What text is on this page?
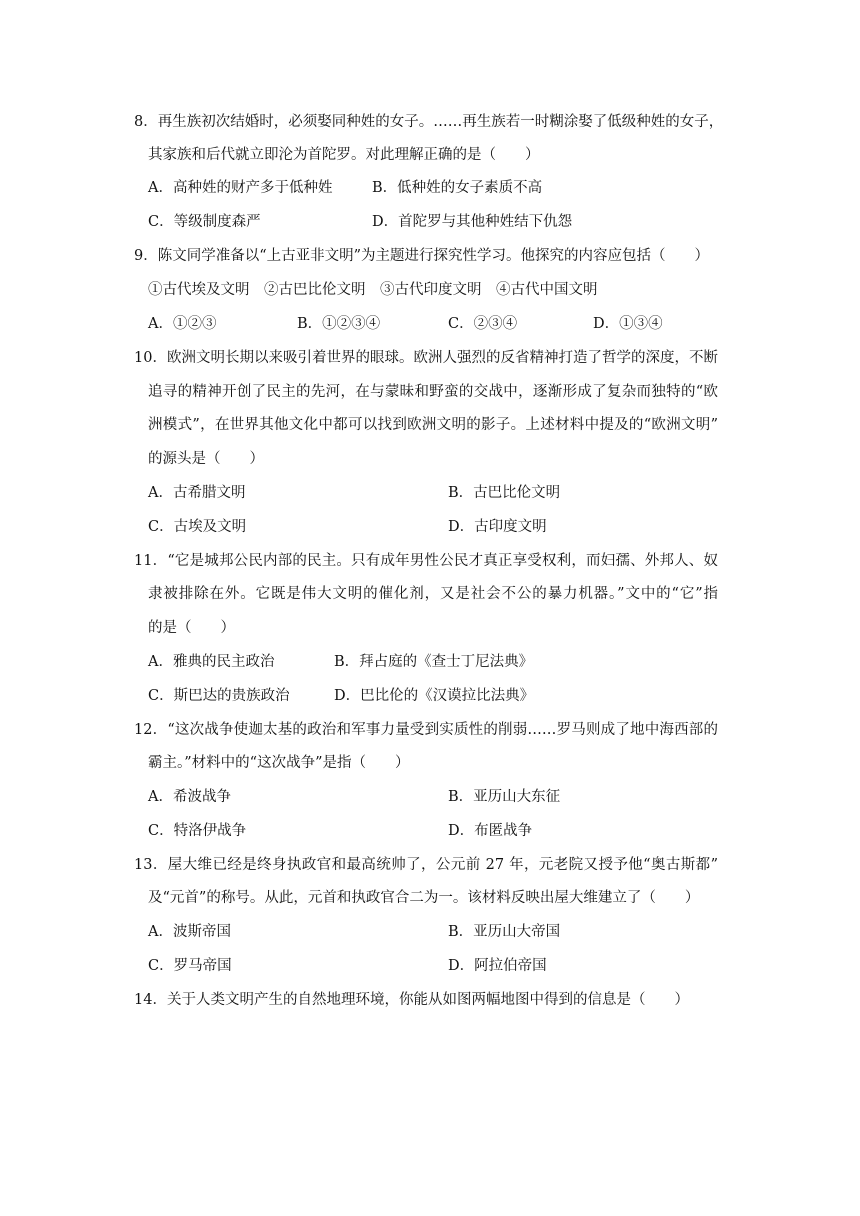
8．再生族初次结婚时，必须娶同种姓的女子。……再生族若一时糊涂娶了低级种姓的女子，
其家族和后代就立即沦为首陀罗。对此理解正确的是（　　）
A．高种姓的财产多于低种姓	B．低种姓的女子素质不高
C．等级制度森严	D．首陀罗与其他种姓结下仇怨
9．陈文同学准备以“上古亚非文明”为主题进行探究性学习。他探究的内容应包括（　　）
①古代埃及文明　②古巴比伦文明　③古代印度文明　④古代中国文明
A．①②③	B．①②③④	C．②③④	D．①③④
10．欧洲文明长期以来吸引着世界的眼球。欧洲人强烈的反省精神打造了哲学的深度，不断
追寻的精神开创了民主的先河，在与蒙昧和野蛮的交战中，逐渐形成了复杂而独特的“欧
洲模式”，在世界其他文化中都可以找到欧洲文明的影子。上述材料中提及的“欧洲文明”
的源头是（　　）
A．古希腊文明	B．古巴比伦文明
C．古埃及文明	D．古印度文明
11．“它是城邦公民内部的民主。只有成年男性公民才真正享受权利，而妇孺、外邦人、奴
隶被排除在外。它既是伟大文明的催化剂，又是社会不公的暴力机器。”文中的“它”指
的是（　　）
A．雅典的民主政治	B．拜占庭的《查士丁尼法典》
C．斯巴达的贵族政治	D．巴比伦的《汉谟拉比法典》
12．“这次战争使迦太基的政治和军事力量受到实质性的削弱……罗马则成了地中海西部的
霸主。”材料中的“这次战争”是指（　　）
A．希波战争	B．亚历山大东征
C．特洛伊战争	D．布匿战争
13．屋大维已经是终身执政官和最高统帅了，公元前 27 年，元老院又授予他“奥古斯都”
及“元首”的称号。从此，元首和执政官合二为一。该材料反映出屋大维建立了（　　）
A．波斯帝国	B．亚历山大帝国
C．罗马帝国	D．阿拉伯帝国
14．关于人类文明产生的自然地理环境，你能从如图两幅地图中得到的信息是（　　）
